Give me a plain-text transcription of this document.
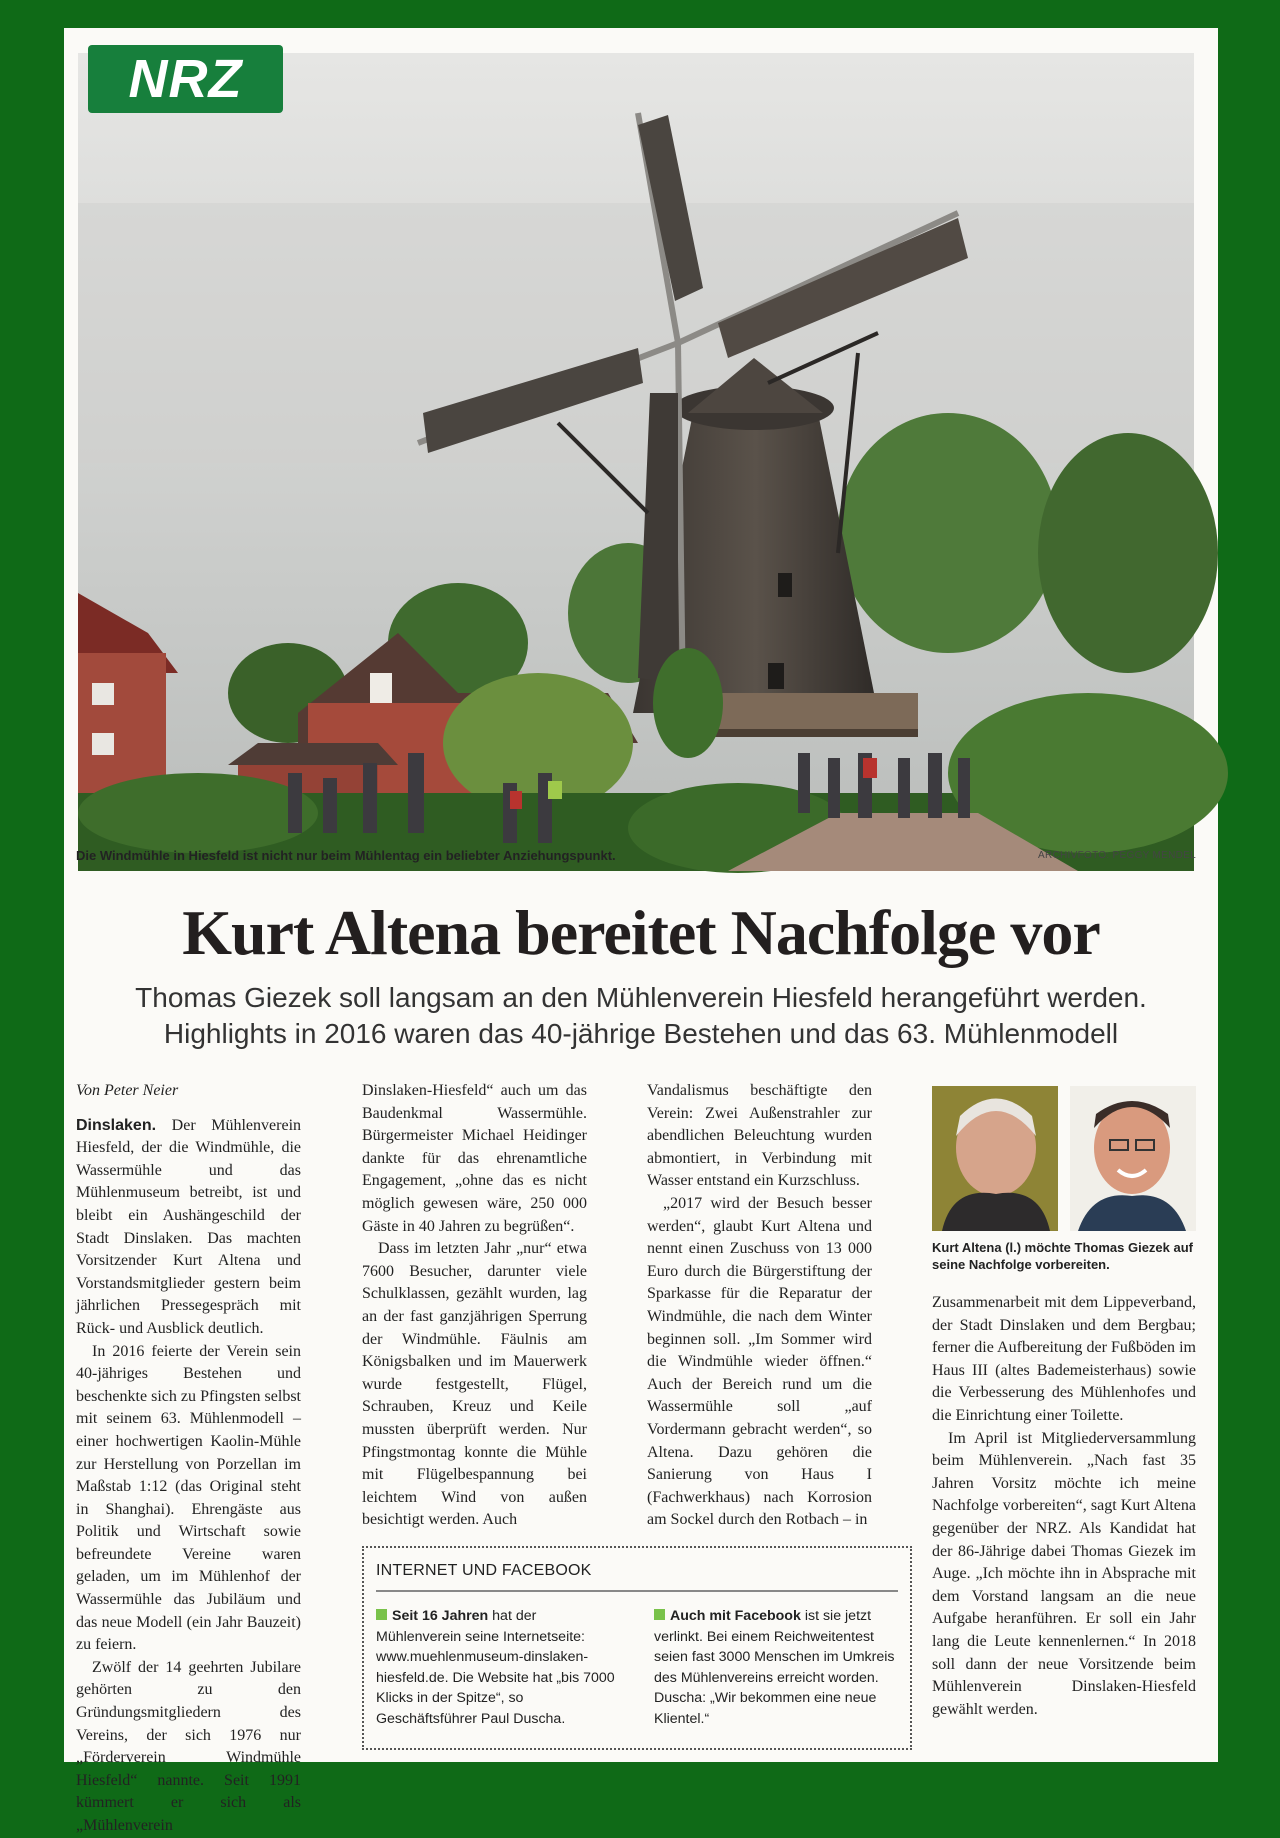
NRZ
Die Windmühle in Hiesfeld ist nicht nur beim Mühlentag ein beliebter Anziehungspunkt.	ARCHIVFOTO: PEGGY MENDEL
Kurt Altena bereitet Nachfolge vor
Thomas Giezek soll langsam an den Mühlenverein Hiesfeld herangeführt werden.
Highlights in 2016 waren das 40-jährige Bestehen und das 63. Mühlenmodell
Von Peter Neier

Dinslaken. Der Mühlenverein Hiesfeld, der die Windmühle, die Wassermühle und das Mühlenmuseum betreibt, ist und bleibt ein Aushängeschild der Stadt Dinslaken. Das machten Vorsitzender Kurt Altena und Vorstandsmitglieder gestern beim jährlichen Pressegespräch mit Rück- und Ausblick deutlich.

In 2016 feierte der Verein sein 40-jähriges Bestehen und beschenkte sich zu Pfingsten selbst mit seinem 63. Mühlenmodell – einer hochwertigen Kaolin-Mühle zur Herstellung von Porzellan im Maßstab 1:12 (das Original steht in Shanghai). Ehrengäste aus Politik und Wirtschaft sowie befreundete Vereine waren geladen, um im Mühlenhof der Wassermühle das Jubiläum und das neue Modell (ein Jahr Bauzeit) zu feiern.

Zwölf der 14 geehrten Jubilare gehörten zu den Gründungsmitgliedern des Vereins, der sich 1976 nur „Förderverein Windmühle Hiesfeld“ nannte. Seit 1991 kümmert er sich als „Mühlenverein

Dinslaken-Hiesfeld“ auch um das Baudenkmal Wassermühle. Bürgermeister Michael Heidinger dankte für das ehrenamtliche Engagement, „ohne das es nicht möglich gewesen wäre, 250 000 Gäste in 40 Jahren zu begrüßen“.

Dass im letzten Jahr „nur“ etwa 7600 Besucher, darunter viele Schulklassen, gezählt wurden, lag an der fast ganzjährigen Sperrung der Windmühle. Fäulnis am Königsbalken und im Mauerwerk wurde festgestellt, Flügel, Schrauben, Kreuz und Keile mussten überprüft werden. Nur Pfingstmontag konnte die Mühle mit Flügelbespannung bei leichtem Wind von außen besichtigt werden. Auch

Vandalismus beschäftigte den Verein: Zwei Außenstrahler zur abendlichen Beleuchtung wurden abmontiert, in Verbindung mit Wasser entstand ein Kurzschluss.

„2017 wird der Besuch besser werden“, glaubt Kurt Altena und nennt einen Zuschuss von 13 000 Euro durch die Bürgerstiftung der Sparkasse für die Reparatur der Windmühle, die nach dem Winter beginnen soll. „Im Sommer wird die Windmühle wieder öffnen.“ Auch der Bereich rund um die Wassermühle soll „auf Vordermann gebracht werden“, so Altena. Dazu gehören die Sanierung von Haus I (Fachwerkhaus) nach Korrosion am Sockel durch den Rotbach – in

Kurt Altena (l.) möchte Thomas Giezek auf seine Nachfolge vorbereiten.

Zusammenarbeit mit dem Lippeverband, der Stadt Dinslaken und dem Bergbau; ferner die Aufbereitung der Fußböden im Haus III (altes Bademeisterhaus) sowie die Verbesserung des Mühlenhofes und die Einrichtung einer Toilette.

Im April ist Mitgliederversammlung beim Mühlenverein. „Nach fast 35 Jahren Vorsitz möchte ich meine Nachfolge vorbereiten“, sagt Kurt Altena gegenüber der NRZ. Als Kandidat hat der 86-Jährige dabei Thomas Giezek im Auge. „Ich möchte ihn in Absprache mit dem Vorstand langsam an die neue Aufgabe heranführen. Er soll ein Jahr lang die Leute kennenlernen.“ In 2018 soll dann der neue Vorsitzende beim Mühlenverein Dinslaken-Hiesfeld gewählt werden.

INTERNET UND FACEBOOK
Seit 16 Jahren hat der Mühlenverein seine Internetseite: www.muehlenmuseum-dinslaken-hiesfeld.de. Die Website hat „bis 7000 Klicks in der Spitze“, so Geschäftsführer Paul Duscha.
Auch mit Facebook ist sie jetzt verlinkt. Bei einem Reichweitentest seien fast 3000 Menschen im Umkreis des Mühlenvereins erreicht worden. Duscha: „Wir bekommen eine neue Klientel.“
